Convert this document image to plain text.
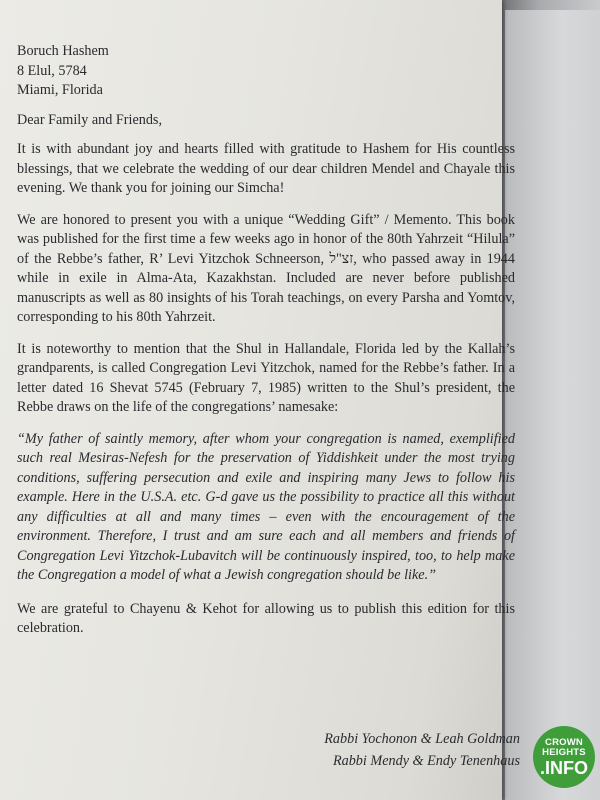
Boruch Hashem
8 Elul, 5784
Miami, Florida

Dear Family and Friends,

It is with abundant joy and hearts filled with gratitude to Hashem for His countless blessings, that we celebrate the wedding of our dear children Mendel and Chayale this evening. We thank you for joining our Simcha!

We are honored to present you with a unique “Wedding Gift” / Memento. This book was published for the first time a few weeks ago in honor of the 80th Yahrzeit “Hilula” of the Rebbe’s father, R’ Levi Yitzchok Schneerson, זצ"ל, who passed away in 1944 while in exile in Alma-Ata, Kazakhstan. Included are never before published manuscripts as well as 80 insights of his Torah teachings, on every Parsha and Yomtov, corresponding to his 80th Yahrzeit.

It is noteworthy to mention that the Shul in Hallandale, Florida led by the Kallah’s grandparents, is called Congregation Levi Yitzchok, named for the Rebbe’s father. In a letter dated 16 Shevat 5745 (February 7, 1985) written to the Shul’s president, the Rebbe draws on the life of the congregations’ namesake:

“My father of saintly memory, after whom your congregation is named, exemplified such real Mesiras-Nefesh for the preservation of Yiddishkeit under the most trying conditions, suffering persecution and exile and inspiring many Jews to follow his example. Here in the U.S.A. etc. G-d gave us the possibility to practice all this without any difficulties at all and many times – even with the encouragement of the environment. Therefore, I trust and am sure each and all members and friends of Congregation Levi Yitzchok-Lubavitch will be continuously inspired, too, to help make the Congregation a model of what a Jewish congregation should be like.”

We are grateful to Chayenu & Kehot for allowing us to publish this edition for this celebration.

Rabbi Yochonon & Leah Goldman
Rabbi Mendy & Endy Tenenhaus
CROWN
HEIGHTS
.INFO
